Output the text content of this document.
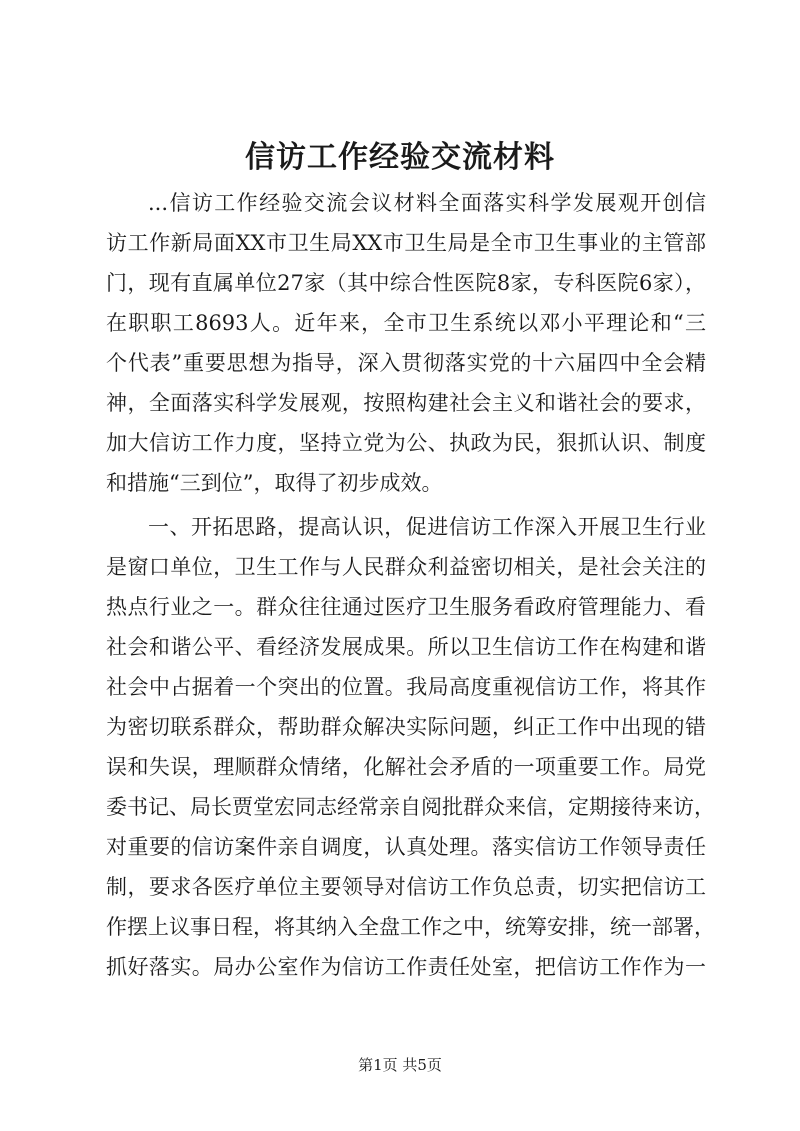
信访工作经验交流材料
...信访工作经验交流会议材料全面落实科学发展观开创信
访工作新局面XX市卫生局XX市卫生局是全市卫生事业的主管部
门，现有直属单位27家（其中综合性医院8家，专科医院6家），
在职职工8693人。近年来，全市卫生系统以邓小平理论和“三
个代表”重要思想为指导，深入贯彻落实党的十六届四中全会精
神，全面落实科学发展观，按照构建社会主义和谐社会的要求，
加大信访工作力度，坚持立党为公、执政为民，狠抓认识、制度
和措施“三到位”，取得了初步成效。
一、开拓思路，提高认识，促进信访工作深入开展卫生行业
是窗口单位，卫生工作与人民群众利益密切相关，是社会关注的
热点行业之一。群众往往通过医疗卫生服务看政府管理能力、看
社会和谐公平、看经济发展成果。所以卫生信访工作在构建和谐
社会中占据着一个突出的位置。我局高度重视信访工作，将其作
为密切联系群众，帮助群众解决实际问题，纠正工作中出现的错
误和失误，理顺群众情绪，化解社会矛盾的一项重要工作。局党
委书记、局长贾堂宏同志经常亲自阅批群众来信，定期接待来访，
对重要的信访案件亲自调度，认真处理。落实信访工作领导责任
制，要求各医疗单位主要领导对信访工作负总责，切实把信访工
作摆上议事日程，将其纳入全盘工作之中，统筹安排，统一部署，
抓好落实。局办公室作为信访工作责任处室，把信访工作作为一
第1页 共5页
